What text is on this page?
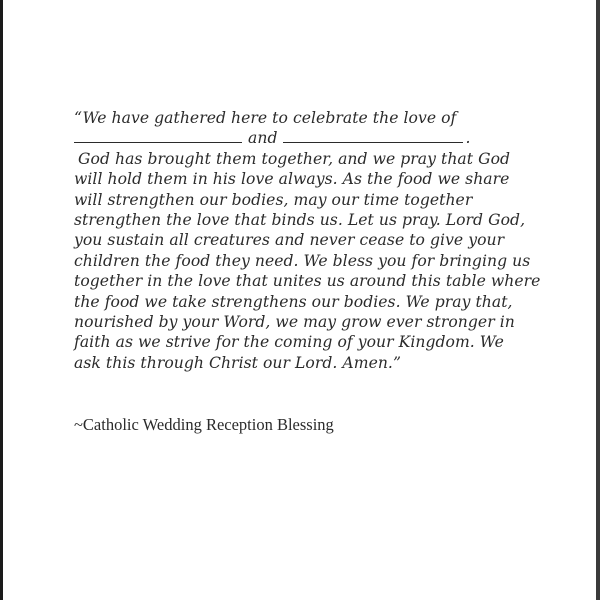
“We have gathered here to celebrate the love of
and	.
God has brought them together, and we pray that God
will hold them in his love always. As the food we share
will strengthen our bodies, may our time together
strengthen the love that binds us. Let us pray. Lord God,
you sustain all creatures and never cease to give your
children the food they need. We bless you for bringing us
together in the love that unites us around this table where
the food we take strengthens our bodies. We pray that,
nourished by your Word, we may grow ever stronger in
faith as we strive for the coming of your Kingdom. We
ask this through Christ our Lord. Amen.”
~Catholic Wedding Reception Blessing
